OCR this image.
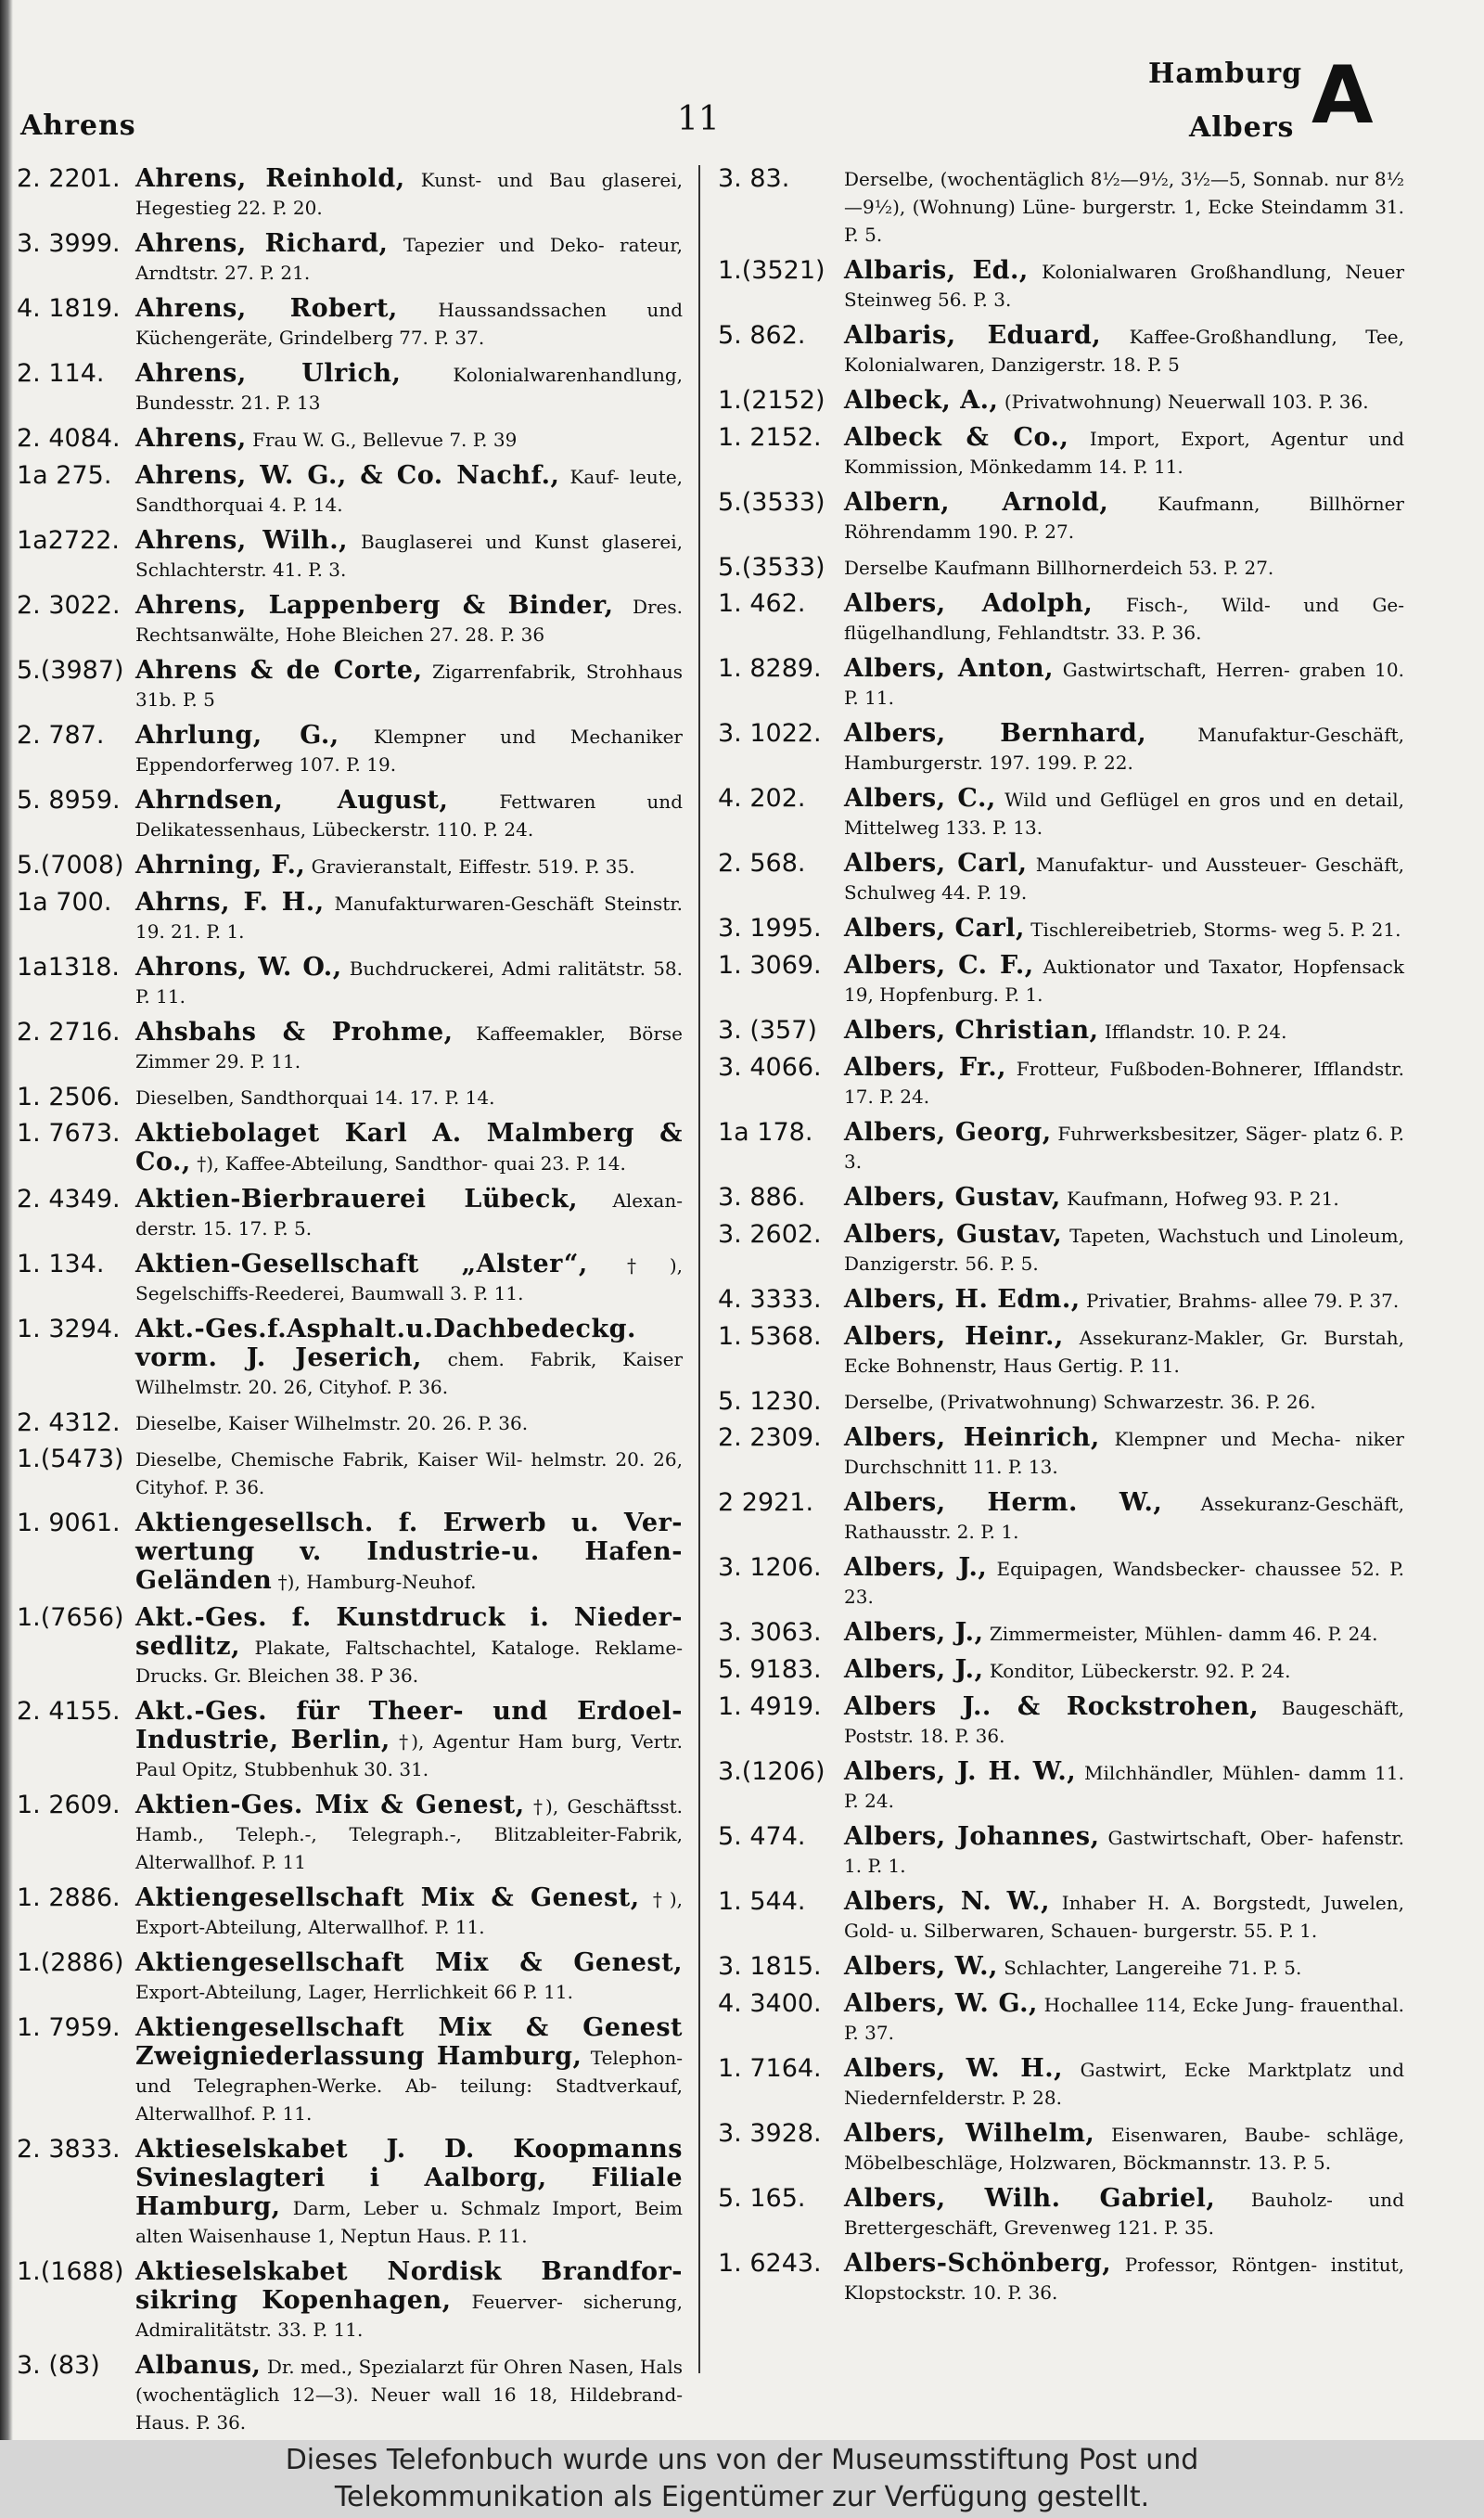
Ahrens	11
Hamburg
Albers A
2. 2201. Ahrens, Reinhold, Kunst- und Bau glaserei, Hegestieg 22. P. 20.
3. 3999. Ahrens, Richard, Tapezier und Deko- rateur, Arndtstr. 27. P. 21.
4. 1819. Ahrens, Robert, Haussandssachen und Küchengeräte, Grindelberg 77. P. 37.
2. 114.	Ahrens, Ulrich,	Kolonialwarenhandlung, Bundesstr. 21. P. 13
2. 4084. Ahrens, Frau W. G., Bellevue 7. P. 39
1a 275. Ahrens, W. G., & Co. Nachf., Kauf- leute, Sandthorquai 4. P. 14.
1a2722. Ahrens, Wilh., Bauglaserei und Kunst glaserei, Schlachterstr. 41. P. 3.
2. 3022. Ahrens, Lappenberg & Binder, Dres. Rechtsanwälte, Hohe Bleichen 27. 28. P. 36
5.(3987) Ahrens & de Corte, Zigarrenfabrik, Strohhaus 31b. P. 5
2. 787.	Ahrlung, G., Klempner und Mechaniker Eppendorferweg 107. P. 19.
5. 8959. Ahrndsen, August,	Fettwaren und Delikatessenhaus, Lübeckerstr. 110. P. 24.
5.(7008) Ahrning, F., Gravieranstalt, Eiffestr. 519. P. 35.
1a 700. Ahrns, F. H., Manufakturwaren-Geschäft Steinstr. 19. 21. P. 1.
1a1318. Ahrons, W. O., Buchdruckerei, Admi ralitätstr. 58. P. 11.
2. 2716. Ahsbahs & Prohme, Kaffeemakler, Börse Zimmer 29. P. 11.
1. 2506. Dieselben, Sandthorquai 14. 17. P. 14.
1. 7673. Aktiebolaget Karl A. Malmberg & Co., †), Kaffee-Abteilung, Sandthor- quai 23. P. 14.
2. 4349. Aktien-Bierbrauerei Lübeck, Alexan- derstr. 15. 17. P. 5.
1. 134.	Aktien-Gesellschaft „Alster“, †), Segelschiffs-Reederei, Baumwall 3. P. 11.
1. 3294. Akt.-Ges.f.Asphalt.u.Dachbedeckg. vorm. J. Jeserich, chem. Fabrik, Kaiser Wilhelmstr. 20. 26, Cityhof. P. 36.
2. 4312. Dieselbe, Kaiser Wilhelmstr. 20. 26. P. 36.
1.(5473) Dieselbe, Chemische Fabrik, Kaiser Wil- helmstr. 20. 26, Cityhof. P. 36.
1. 9061. Aktiengesellsch. f. Erwerb u. Ver- wertung v. Industrie-u. Hafen- Geländen †), Hamburg-Neuhof.
1.(7656) Akt.-Ges. f. Kunstdruck i. Nieder- sedlitz, Plakate, Faltschachtel, Kataloge. Reklame-Drucks. Gr. Bleichen 38. P 36.
2. 4155. Akt.-Ges. für Theer- und Erdoel- Industrie, Berlin, †), Agentur Ham burg, Vertr. Paul Opitz, Stubbenhuk 30. 31.
1. 2609. Aktien-Ges. Mix & Genest, †), Geschäftsst. Hamb., Teleph.-, Telegraph.-, Blitzableiter-Fabrik, Alterwallhof. P. 11
1. 2886. Aktiengesellschaft Mix & Genest, †), Export-Abteilung, Alterwallhof. P. 11.
1.(2886) Aktiengesellschaft Mix & Genest, Export-Abteilung, Lager, Herrlichkeit 66 P. 11.
1. 7959. Aktiengesellschaft Mix & Genest Zweigniederlassung Hamburg, Telephon- und Telegraphen-Werke. Ab- teilung: Stadtverkauf, Alterwallhof. P. 11.
2. 3833. Aktieselskabet J. D. Koopmanns Svineslagteri i Aalborg, Filiale Hamburg, Darm, Leber u. Schmalz Import, Beim alten Waisenhause 1, Neptun Haus. P. 11.
1.(1688) Aktieselskabet Nordisk Brandfor- sikring Kopenhagen, Feuerver- sicherung, Admiralitätstr. 33. P. 11.
3. (83)	Albanus, Dr. med., Spezialarzt für Ohren Nasen, Hals (wochentäglich 12—3). Neuer wall 16 18, Hildebrand-Haus. P. 36.
3. 83.	Derselbe, (wochentäglich 8½—9½, 3½—5, Sonnab. nur 8½—9½), (Wohnung) Lüne- burgerstr. 1, Ecke Steindamm 31. P. 5.
1.(3521) Albaris, Ed., Kolonialwaren Großhandlung, Neuer Steinweg 56. P. 3.
5. 862.	Albaris, Eduard, Kaffee-Großhandlung, Tee, Kolonialwaren, Danzigerstr. 18. P. 5
1.(2152) Albeck, A., (Privatwohnung) Neuerwall 103. P. 36.
1. 2152. Albeck & Co., Import, Export, Agentur und Kommission, Mönkedamm 14. P. 11.
5.(3533) Albern, Arnold,	Kaufmann, Billhörner Röhrendamm 190. P. 27.
5.(3533)	Derselbe Kaufmann Billhornerdeich 53. P. 27.
1. 462.	Albers, Adolph, Fisch-, Wild- und Ge- flügelhandlung, Fehlandtstr. 33. P. 36.
1. 8289. Albers, Anton, Gastwirtschaft, Herren- graben 10. P. 11.
3. 1022. Albers, Bernhard,	Manufaktur-Geschäft, Hamburgerstr. 197. 199. P. 22.
4. 202.	Albers, C., Wild und Geflügel en gros und en detail, Mittelweg 133. P. 13.
2. 568.	Albers, Carl, Manufaktur- und Aussteuer- Geschäft, Schulweg 44. P. 19.
3. 1995. Albers, Carl, Tischlereibetrieb, Storms- weg 5. P. 21.
1. 3069. Albers, C. F., Auktionator und Taxator, Hopfensack 19, Hopfenburg. P. 1.
3. (357)	Albers, Christian, Ifflandstr. 10. P. 24.
3. 4066. Albers, Fr., Frotteur, Fußboden-Bohnerer, Ifflandstr. 17. P. 24.
1a 178.	Albers, Georg, Fuhrwerksbesitzer, Säger- platz 6. P. 3.
3. 886.	Albers, Gustav, Kaufmann, Hofweg 93. P. 21.
3. 2602. Albers, Gustav, Tapeten, Wachstuch und Linoleum, Danzigerstr. 56. P. 5.
4. 3333. Albers, H. Edm., Privatier, Brahms- allee 79. P. 37.
1. 5368. Albers, Heinr., Assekuranz-Makler, Gr. Burstah, Ecke Bohnenstr, Haus Gertig. P. 11.
5. 1230.	Derselbe, (Privatwohnung) Schwarzestr. 36. P. 26.
2. 2309. Albers, Heinrich, Klempner und Mecha- niker Durchschnitt 11. P. 13.
2 2921.	Albers, Herm. W., Assekuranz-Geschäft, Rathausstr. 2. P. 1.
3. 1206. Albers, J., Equipagen, Wandsbecker- chaussee 52. P. 23.
3. 3063. Albers, J., Zimmermeister, Mühlen- damm 46. P. 24.
5. 9183. Albers, J., Konditor, Lübeckerstr. 92. P. 24.
1. 4919. Albers J.. & Rockstrohen, Baugeschäft, Poststr. 18. P. 36.
3.(1206) Albers, J. H. W., Milchhändler, Mühlen- damm 11. P. 24.
5. 474.	Albers, Johannes, Gastwirtschaft, Ober- hafenstr. 1. P. 1.
1. 544.	Albers, N. W., Inhaber H. A. Borgstedt, Juwelen, Gold- u. Silberwaren, Schauen- burgerstr. 55. P. 1.
3. 1815. Albers, W., Schlachter, Langereihe 71. P. 5.
4. 3400. Albers, W. G., Hochallee 114, Ecke Jung- frauenthal. P. 37.
1. 7164. Albers, W. H., Gastwirt, Ecke Marktplatz und Niedernfelderstr. P. 28.
3. 3928. Albers, Wilhelm, Eisenwaren, Baube- schläge, Möbelbeschläge, Holzwaren, Böckmannstr. 13. P. 5.
5. 165.	Albers, Wilh. Gabriel, Bauholz- und Brettergeschäft, Grevenweg 121. P. 35.
1. 6243. Albers-Schönberg, Professor, Röntgen- institut, Klopstockstr. 10. P. 36.
Dieses Telefonbuch wurde uns von der Museumsstiftung Post und
Telekommunikation als Eigentümer zur Verfügung gestellt.
